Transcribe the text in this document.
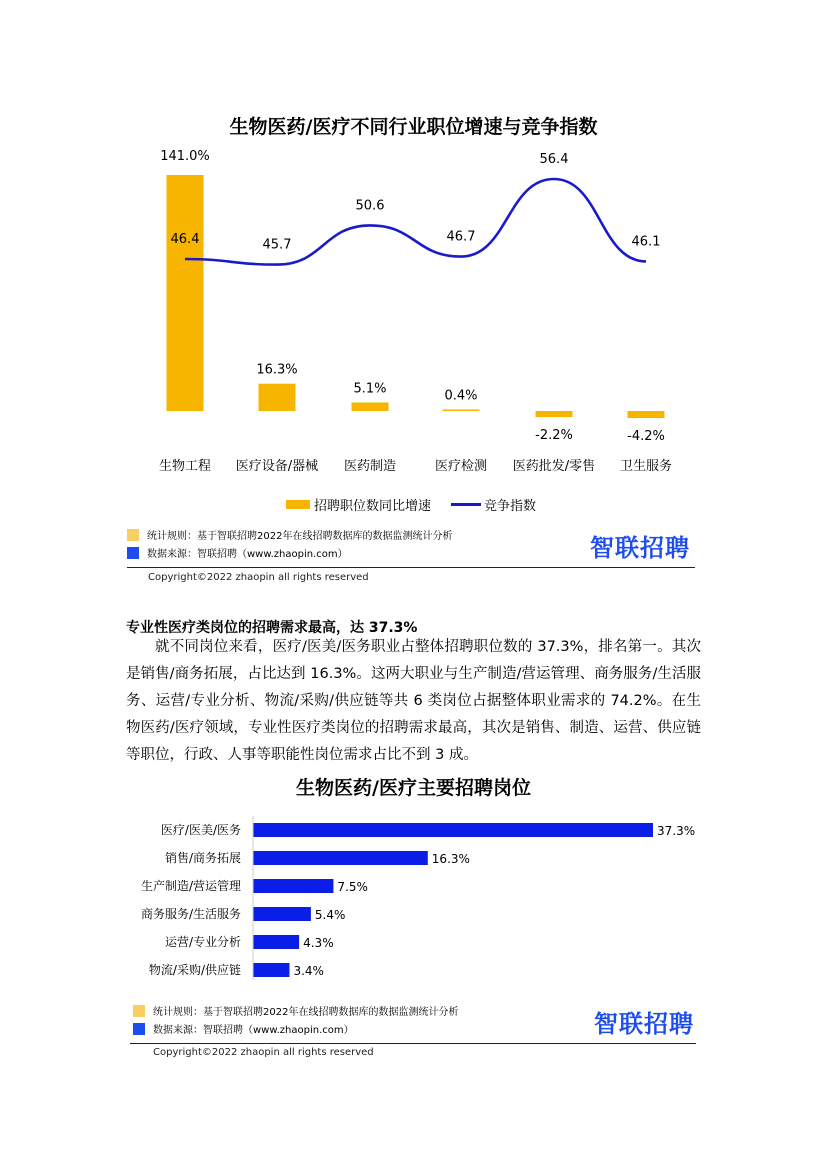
生物医药/医疗不同行业职位增速与竞争指数
141.0%
生物工程
16.3%
医疗设备/器械
5.1%
医药制造
0.4%
医疗检测
-2.2%
医药批发/零售
-4.2%
卫生服务
46.4	45.7
50.6
46.7
56.4
46.1
招聘职位数同比增速	竞争指数
统计规则：基于智联招聘2022年在线招聘数据库的数据监测统计分析
数据来源：智联招聘（www.zhaopin.com）	智联招聘
Copyright©2022 zhaopin all rights reserved
专业性医疗类岗位的招聘需求最高，达 37.3%
就不同岗位来看，医疗/医美/医务职业占整体招聘职位数的 37.3%，排名第一。其次是销售/商务拓展，占比达到 16.3%。这两大职业与生产制造/营运管理、商务服务/生活服务、运营/专业分析、物流/采购/供应链等共 6 类岗位占据整体职业需求的 74.2%。在生物医药/医疗领域，专业性医疗类岗位的招聘需求最高，其次是销售、制造、运营、供应链等职位，行政、人事等职能性岗位需求占比不到 3 成。
生物医药/医疗主要招聘岗位
医疗/医美/医务	37.3%
销售/商务拓展	16.3%
生产制造/营运管理	7.5%
商务服务/生活服务	5.4%
运营/专业分析	4.3%
物流/采购/供应链	3.4%
统计规则：基于智联招聘2022年在线招聘数据库的数据监测统计分析
数据来源：智联招聘（www.zhaopin.com）	智联招聘
Copyright©2022 zhaopin all rights reserved
